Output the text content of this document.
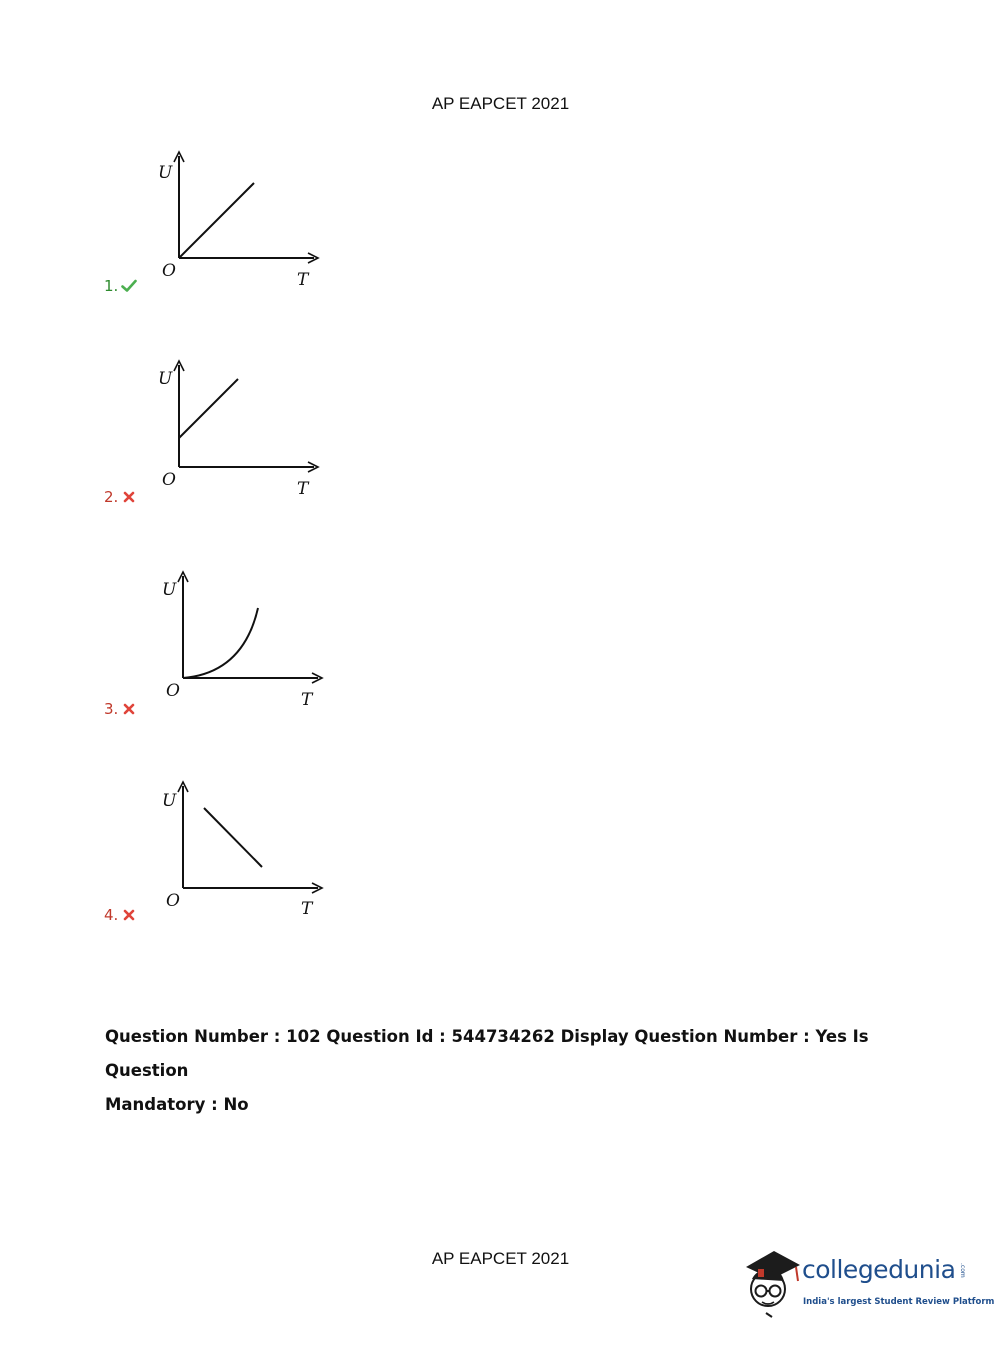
AP EAPCET 2021
U
O	T
1.
U
O	T
2.
U
O	T
3.
U
O	T
4.
Question Number : 102 Question Id : 544734262 Display Question Number : Yes Is Question
Mandatory : No
AP EAPCET 2021	collegedunia .com
India's largest Student Review Platform
